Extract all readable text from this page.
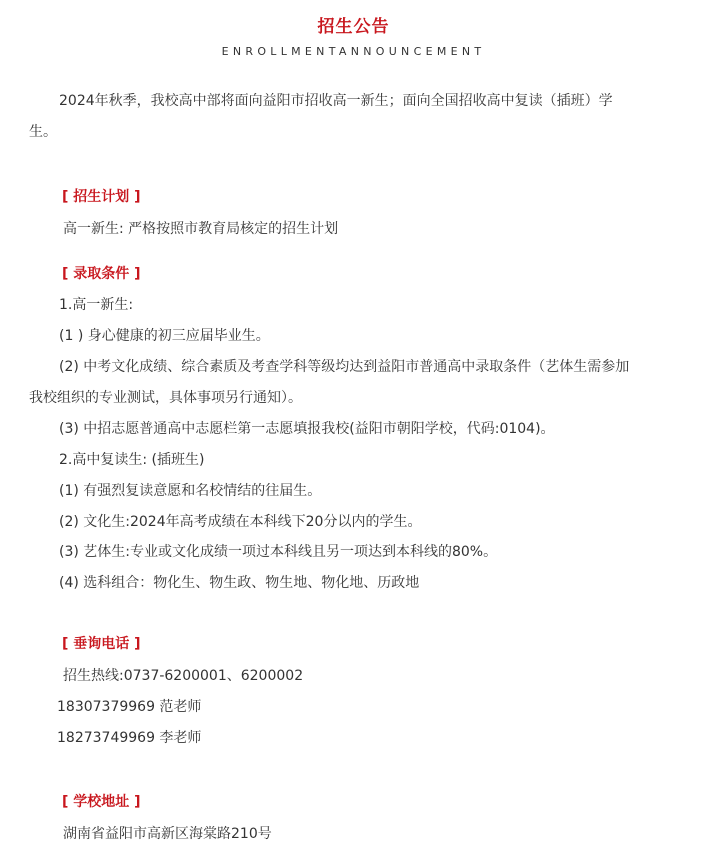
招生公告
ENROLLMENTANNOUNCEMENT
2024年秋季，我校高中部将面向益阳市招收高一新生；面向全国招收高中复读（插班）学
生。
[ 招生计划 ]
高一新生: 严格按照市教育局核定的招生计划
[ 录取条件 ]
1.高一新生:
(1 ) 身心健康的初三应届毕业生。
(2) 中考文化成绩、综合素质及考查学科等级均达到益阳市普通高中录取条件（艺体生需参加
我校组织的专业测试，具体事项另行通知）。
(3) 中招志愿普通高中志愿栏第一志愿填报我校(益阳市朝阳学校，代码:0104)。
2.高中复读生: (插班生)
(1) 有强烈复读意愿和名校情结的往届生。
(2) 文化生:2024年高考成绩在本科线下20分以内的学生。
(3) 艺体生:专业或文化成绩一项过本科线且另一项达到本科线的80%。
(4) 选科组合：物化生、物生政、物生地、物化地、历政地
[ 垂询电话 ]
招生热线:0737-6200001、6200002
18307379969 范老师
18273749969 李老师
[ 学校地址 ]
湖南省益阳市高新区海棠路210号
